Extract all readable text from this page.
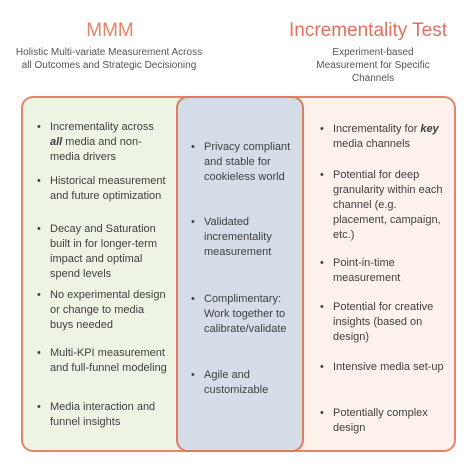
MMM
Holistic Multi-variate Measurement Across all Outcomes and Strategic Decisioning
Incrementality Test
Experiment-based Measurement for Specific Channels
• Incrementality across all media and non-media drivers
• Historical measurement and future optimization
• Decay and Saturation built in for longer-term impact and optimal spend levels
• No experimental design or change to media buys needed
• Multi-KPI measurement and full-funnel modeling
• Media interaction and funnel insights
• Privacy compliant and stable for cookieless world
• Validated incrementality measurement
• Complimentary: Work together to calibrate/validate
• Agile and customizable
• Incrementality for key media channels
• Potential for deep granularity within each channel (e.g. placement, campaign, etc.)
• Point-in-time measurement
• Potential for creative insights (based on design)
• Intensive media set-up
• Potentially complex design
